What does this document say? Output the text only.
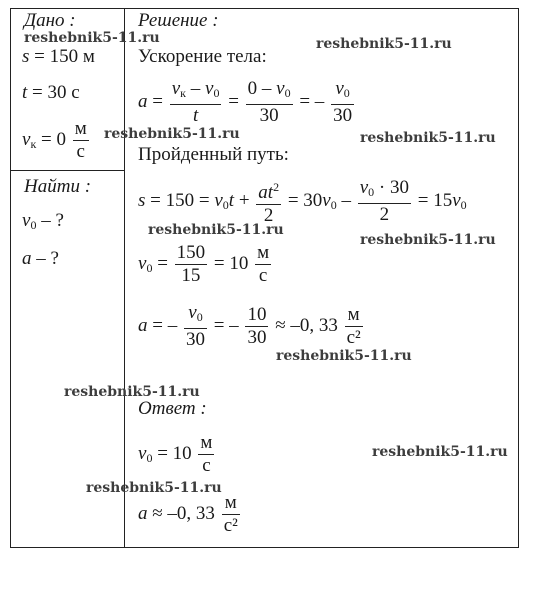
Дано :	Решение :
Найти :
Ответ :
s = 150 м
t = 30 с
$v_к = 0 \frac{м}{с}$
$v_0$ – ?
a – ?
Ускорение тела:
$a = \frac{v_к - v_0}{t} = \frac{0 - v_0}{30}$ = – $\frac{v_0}{30}$
Пройденный путь:
$s = 150 = v_0t + \frac{at^2}{2} = 30v_0 - \frac{v_0 \cdot 30}{2} = 15v_0$
$v_0 = \frac{150}{15} = 10 \frac{м}{с}$
a = – $\frac{v_0}{30}$ = – $\frac{10}{30} \approx -0$, $33 \frac{м}{\text{с²}}$
$v_0 = 10 \frac{м}{с}$
a ≈ –0, $33 \frac{м}{\text{с²}}$
reshebnik5-11.ru	reshebnik5-11.ru
reshebnik5-11.ru	reshebnik5-11.ru
reshebnik5-11.ru
reshebnik5-11.ru
reshebnik5-11.ru
reshebnik5-11.ru
reshebnik5-11.ru
reshebnik5-11.ru
